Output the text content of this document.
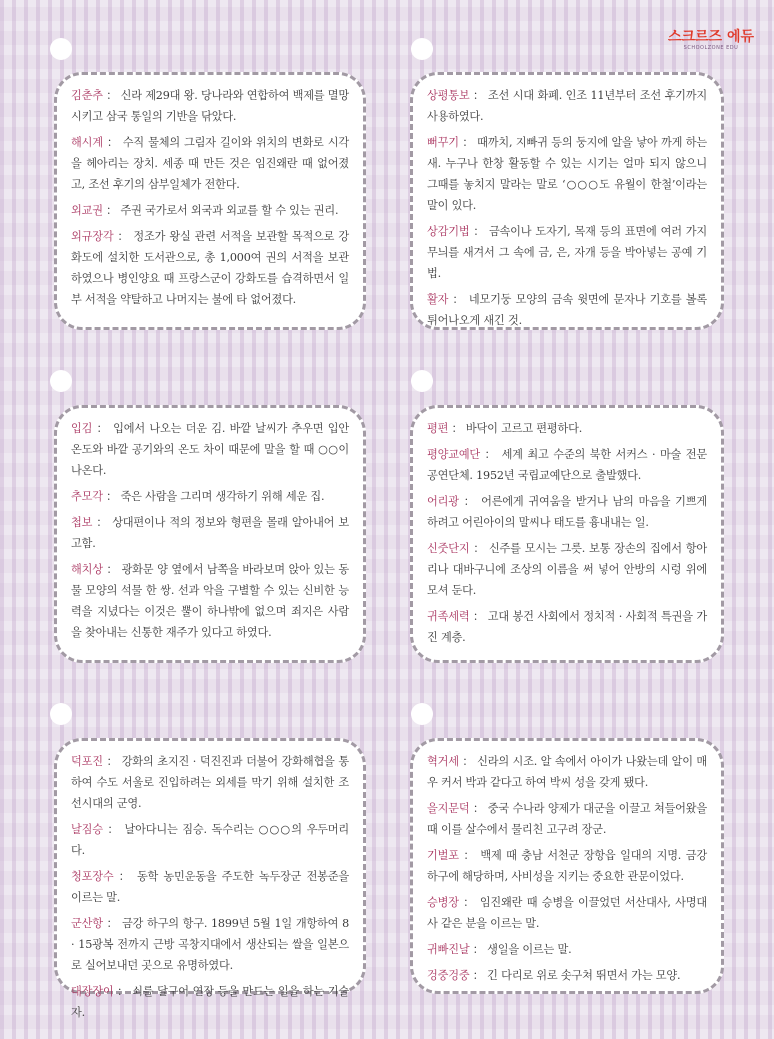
스크르즈 에듀
SCHOOLZONE EDU

김춘추 ： 신라 제29대 왕. 당나라와 연합하여 백제를 멸망시키고 삼국 통일의 기반을 닦았다.

해시계 ： 수직 물체의 그림자 길이와 위치의 변화로 시각을 헤아리는 장치. 세종 때 만든 것은 임진왜란 때 없어졌고, 조선 후기의 삼부일체가 전한다.

외교권 ： 주권 국가로서 외국과 외교를 할 수 있는 권리.

외규장각 ： 정조가 왕실 관련 서적을 보관할 목적으로 강화도에 설치한 도서관으로, 총 1,000여 권의 서적을 보관하였으나 병인양요 때 프랑스군이 강화도를 습격하면서 일부 서적을 약탈하고 나머지는 불에 타 없어졌다.

상평통보 ： 조선 시대 화폐. 인조 11년부터 조선 후기까지 사용하였다.

뻐꾸기 ： 때까치, 지빠귀 등의 둥지에 알을 낳아 까게 하는 새. 누구나 한창 활동할 수 있는 시기는 얼마 되지 않으니 그때를 놓치지 말라는 말로 ‘○○○도 유월이 한철’이라는 말이 있다.

상감기법 ： 금속이나 도자기, 목재 등의 표면에 여러 가지 무늬를 새겨서 그 속에 금, 은, 자개 등을 박아넣는 공예 기법.

활자 ： 네모기둥 모양의 금속 윗면에 문자나 기호를 볼록 튀어나오게 새긴 것.

입김 ： 입에서 나오는 더운 김. 바깥 날씨가 추우면 입안 온도와 바깥 공기와의 온도 차이 때문에 말을 할 때 ○○이 나온다.

추모각 ： 죽은 사람을 그리며 생각하기 위해 세운 집.

첩보 ： 상대편이나 적의 정보와 형편을 몰래 알아내어 보고함.

해치상 ： 광화문 양 옆에서 남쪽을 바라보며 앉아 있는 동물 모양의 석물 한 쌍. 선과 악을 구별할 수 있는 신비한 능력을 지녔다는 이것은 뿔이 하나밖에 없으며 죄지은 사람을 찾아내는 신통한 재주가 있다고 하였다.

평편 ： 바닥이 고르고 편평하다.

평양교예단 ： 세계 최고 수준의 북한 서커스 · 마술 전문 공연단체. 1952년 국립교예단으로 출발했다.

어리광 ： 어른에게 귀여움을 받거나 남의 마음을 기쁘게 하려고 어린아이의 말씨나 태도를 흉내내는 일.

신줏단지 ： 신주를 모시는 그릇. 보통 장손의 집에서 항아리나 대바구니에 조상의 이름을 써 넣어 안방의 시렁 위에 모셔 둔다.

귀족세력 ： 고대 봉건 사회에서 정치적 · 사회적 특권을 가진 계층.

덕포진 ： 강화의 초지진 · 덕진진과 더불어 강화해협을 통하여 수도 서울로 진입하려는 외세를 막기 위해 설치한 조선시대의 군영.

날짐승 ： 날아다니는 짐승. 독수리는 ○○○의 우두머리다.

청포장수 ： 동학 농민운동을 주도한 녹두장군 전봉준을 이르는 말.

군산항 ： 금강 하구의 항구. 1899년 5월 1일 개항하여 8 · 15광복 전까지 근방 곡창지대에서 생산되는 쌀을 일본으로 실어보내던 곳으로 유명하였다.

대장장이 ： 쇠를 달구어 연장 등을 만드는 일을 하는 기술자.

혁거세 ： 신라의 시조. 알 속에서 아이가 나왔는데 알이 매우 커서 박과 같다고 하여 박씨 성을 갖게 됐다.

을지문덕 ： 중국 수나라 양제가 대군을 이끌고 쳐들어왔을 때 이를 살수에서 물리친 고구려 장군.

기벌포 ： 백제 때 충남 서천군 장항읍 일대의 지명. 금강 하구에 해당하며, 사비성을 지키는 중요한 관문이었다.

승병장 ： 임진왜란 때 승병을 이끌었던 서산대사, 사명대사 같은 분을 이르는 말.

귀빠진날 ： 생일을 이르는 말.

겅중겅중 ： 긴 다리로 위로 솟구쳐 뛰면서 가는 모양.
